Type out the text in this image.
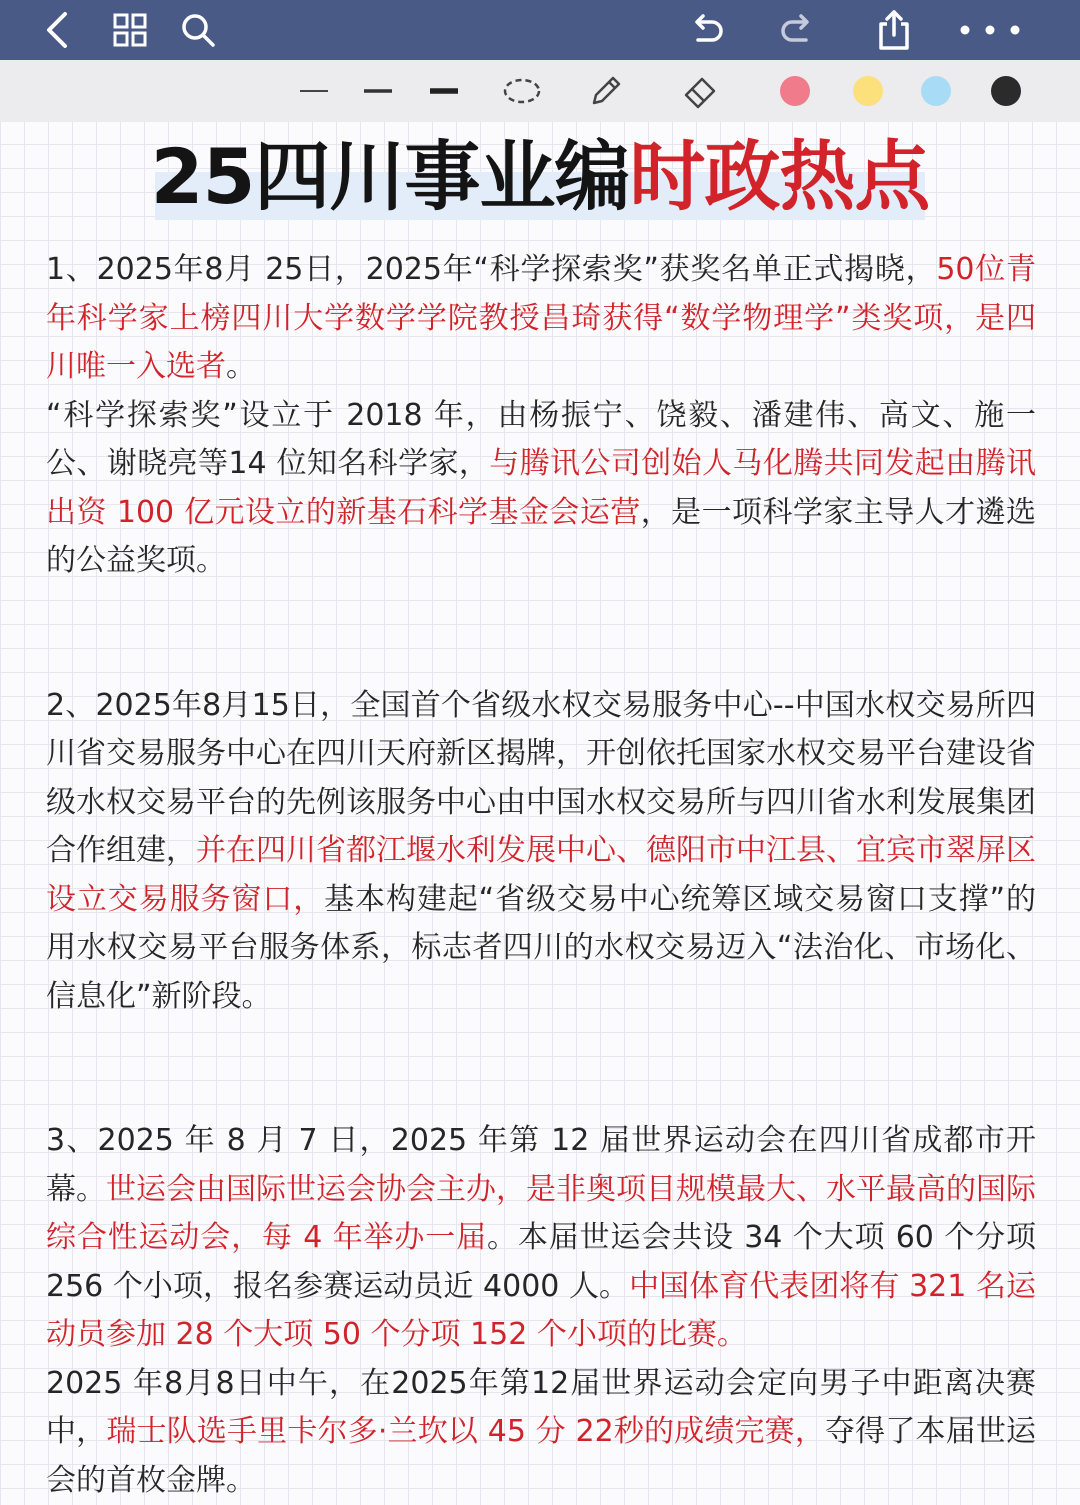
25四川事业编时政热点

1、2025年8月 25日，2025年“科学探索奖”获奖名单正式揭晓，50位青年科学家上榜四川大学数学学院教授昌琦获得“数学物理学”类奖项，是四川唯一入选者。

“科学探索奖”设立于 2018 年，由杨振宁、饶毅、潘建伟、高文、施一公、谢晓亮等14 位知名科学家，与腾讯公司创始人马化腾共同发起由腾讯出资 100 亿元设立的新基石科学基金会运营，是一项科学家主导人才遴选的公益奖项。

2、2025年8月15日，全国首个省级水权交易服务中心--中国水权交易所四川省交易服务中心在四川天府新区揭牌，开创依托国家水权交易平台建设省级水权交易平台的先例该服务中心由中国水权交易所与四川省水利发展集团合作组建，并在四川省都江堰水利发展中心、德阳市中江县、宜宾市翠屏区设立交易服务窗口，基本构建起“省级交易中心统筹区域交易窗口支撑”的用水权交易平台服务体系，标志者四川的水权交易迈入“法治化、市场化、信息化”新阶段。

3、2025 年 8 月 7 日，2025 年第 12 届世界运动会在四川省成都市开幕。世运会由国际世运会协会主办，是非奥项目规模最大、水平最高的国际综合性运动会，每 4 年举办一届。本届世运会共设 34 个大项 60 个分项 256 个小项，报名参赛运动员近 4000 人。中国体育代表团将有 321 名运动员参加 28 个大项 50 个分项 152 个小项的比赛。

2025 年8月8日中午，在2025年第12届世界运动会定向男子中距离决赛中，瑞士队选手里卡尔多·兰坎以 45 分 22秒的成绩完赛，夺得了本届世运会的首枚金牌。
